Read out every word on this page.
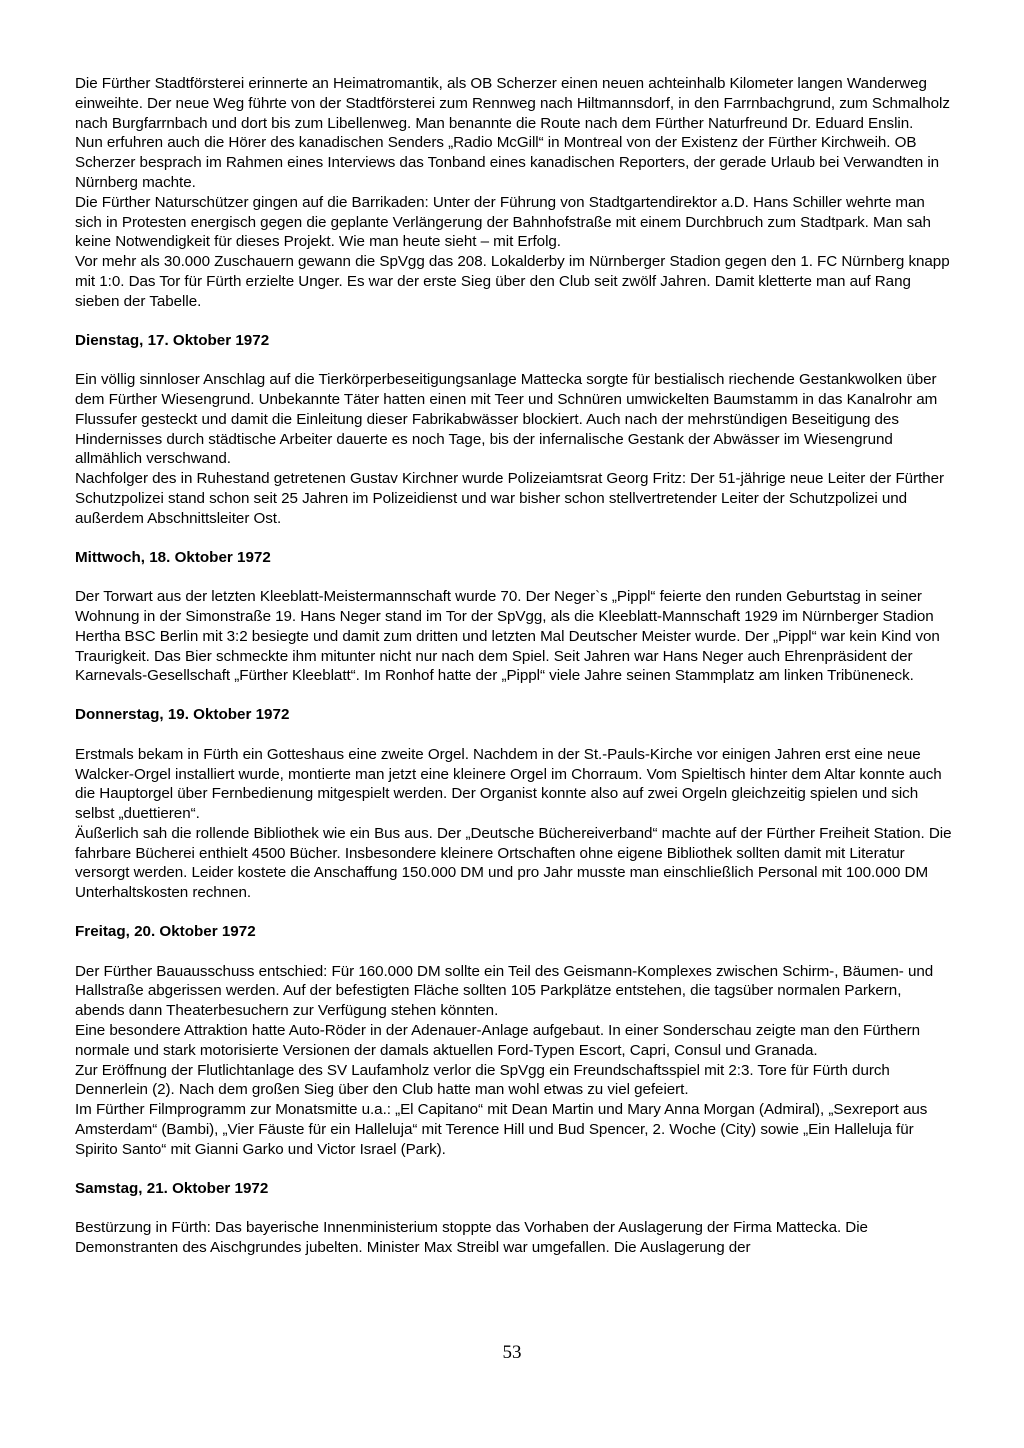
Die Fürther Stadtförsterei erinnerte an Heimatromantik, als OB Scherzer einen neuen achteinhalb Kilometer langen Wanderweg einweihte. Der neue Weg führte von der Stadtförsterei zum Rennweg nach Hiltmannsdorf, in den Farrnbachgrund, zum Schmalholz nach Burgfarrnbach und dort bis zum Libellenweg. Man benannte die Route nach dem Fürther Naturfreund Dr. Eduard Enslin.

Nun erfuhren auch die Hörer des kanadischen Senders „Radio McGill“ in Montreal von der Existenz der Fürther Kirchweih. OB Scherzer besprach im Rahmen eines Interviews das Tonband eines kanadischen Reporters, der gerade Urlaub bei Verwandten in Nürnberg machte.

Die Fürther Naturschützer gingen auf die Barrikaden: Unter der Führung von Stadtgartendirektor a.D. Hans Schiller wehrte man sich in Protesten energisch gegen die geplante Verlängerung der Bahnhofstraße mit einem Durchbruch zum Stadtpark. Man sah keine Notwendigkeit für dieses Projekt. Wie man heute sieht – mit Erfolg.

Vor mehr als 30.000 Zuschauern gewann die SpVgg das 208. Lokalderby im Nürnberger Stadion gegen den 1. FC Nürnberg knapp mit 1:0. Das Tor für Fürth erzielte Unger. Es war der erste Sieg über den Club seit zwölf Jahren. Damit kletterte man auf Rang sieben der Tabelle.

Dienstag, 17. Oktober 1972

Ein völlig sinnloser Anschlag auf die Tierkörperbeseitigungsanlage Mattecka sorgte für bestialisch riechende Gestankwolken über dem Fürther Wiesengrund. Unbekannte Täter hatten einen mit Teer und Schnüren umwickelten Baumstamm in das Kanalrohr am Flussufer gesteckt und damit die Einleitung dieser Fabrikabwässer blockiert. Auch nach der mehrstündigen Beseitigung des Hindernisses durch städtische Arbeiter dauerte es noch Tage, bis der infernalische Gestank der Abwässer im Wiesengrund allmählich verschwand.

Nachfolger des in Ruhestand getretenen Gustav Kirchner wurde Polizeiamtsrat Georg Fritz: Der 51-jährige neue Leiter der Fürther Schutzpolizei stand schon seit 25 Jahren im Polizeidienst und war bisher schon stellvertretender Leiter der Schutzpolizei und außerdem Abschnittsleiter Ost.

Mittwoch, 18. Oktober 1972

Der Torwart aus der letzten Kleeblatt-Meistermannschaft wurde 70. Der Neger`s „Pippl“ feierte den runden Geburtstag in seiner Wohnung in der Simonstraße 19. Hans Neger stand im Tor der SpVgg, als die Kleeblatt-Mannschaft 1929 im Nürnberger Stadion Hertha BSC Berlin mit 3:2 besiegte und damit zum dritten und letzten Mal Deutscher Meister wurde. Der „Pippl“ war kein Kind von Traurigkeit. Das Bier schmeckte ihm mitunter nicht nur nach dem Spiel. Seit Jahren war Hans Neger auch Ehrenpräsident der Karnevals-Gesellschaft „Fürther Kleeblatt“. Im Ronhof hatte der „Pippl“ viele Jahre seinen Stammplatz am linken Tribüneneck.

Donnerstag, 19. Oktober 1972

Erstmals bekam in Fürth ein Gotteshaus eine zweite Orgel. Nachdem in der St.-Pauls-Kirche vor einigen Jahren erst eine neue Walcker-Orgel installiert wurde, montierte man jetzt eine kleinere Orgel im Chorraum. Vom Spieltisch hinter dem Altar konnte auch die Hauptorgel über Fernbedienung mitgespielt werden. Der Organist konnte also auf zwei Orgeln gleichzeitig spielen und sich selbst „duettieren“.

Äußerlich sah die rollende Bibliothek wie ein Bus aus. Der „Deutsche Büchereiverband“ machte auf der Fürther Freiheit Station. Die fahrbare Bücherei enthielt 4500 Bücher. Insbesondere kleinere Ortschaften ohne eigene Bibliothek sollten damit mit Literatur versorgt werden. Leider kostete die Anschaffung 150.000 DM und pro Jahr musste man einschließlich Personal mit 100.000 DM Unterhaltskosten rechnen.

Freitag, 20. Oktober 1972

Der Fürther Bauausschuss entschied: Für 160.000 DM sollte ein Teil des Geismann-Komplexes zwischen Schirm-, Bäumen- und Hallstraße abgerissen werden. Auf der befestigten Fläche sollten 105 Parkplätze entstehen, die tagsüber normalen Parkern, abends dann Theaterbesuchern zur Verfügung stehen könnten.

Eine besondere Attraktion hatte Auto-Röder in der Adenauer-Anlage aufgebaut. In einer Sonderschau zeigte man den Fürthern normale und stark motorisierte Versionen der damals aktuellen Ford-Typen Escort, Capri, Consul und Granada.

Zur Eröffnung der Flutlichtanlage des SV Laufamholz verlor die SpVgg ein Freundschaftsspiel mit 2:3. Tore für Fürth durch Dennerlein (2). Nach dem großen Sieg über den Club hatte man wohl etwas zu viel gefeiert.

Im Fürther Filmprogramm zur Monatsmitte u.a.: „El Capitano“ mit Dean Martin und Mary Anna Morgan (Admiral), „Sexreport aus Amsterdam“ (Bambi), „Vier Fäuste für ein Halleluja“ mit Terence Hill und Bud Spencer, 2. Woche (City) sowie „Ein Halleluja für Spirito Santo“ mit Gianni Garko und Victor Israel (Park).

Samstag, 21. Oktober 1972

Bestürzung in Fürth: Das bayerische Innenministerium stoppte das Vorhaben der Auslagerung der Firma Mattecka. Die Demonstranten des Aischgrundes jubelten. Minister Max Streibl war umgefallen. Die Auslagerung der

53
